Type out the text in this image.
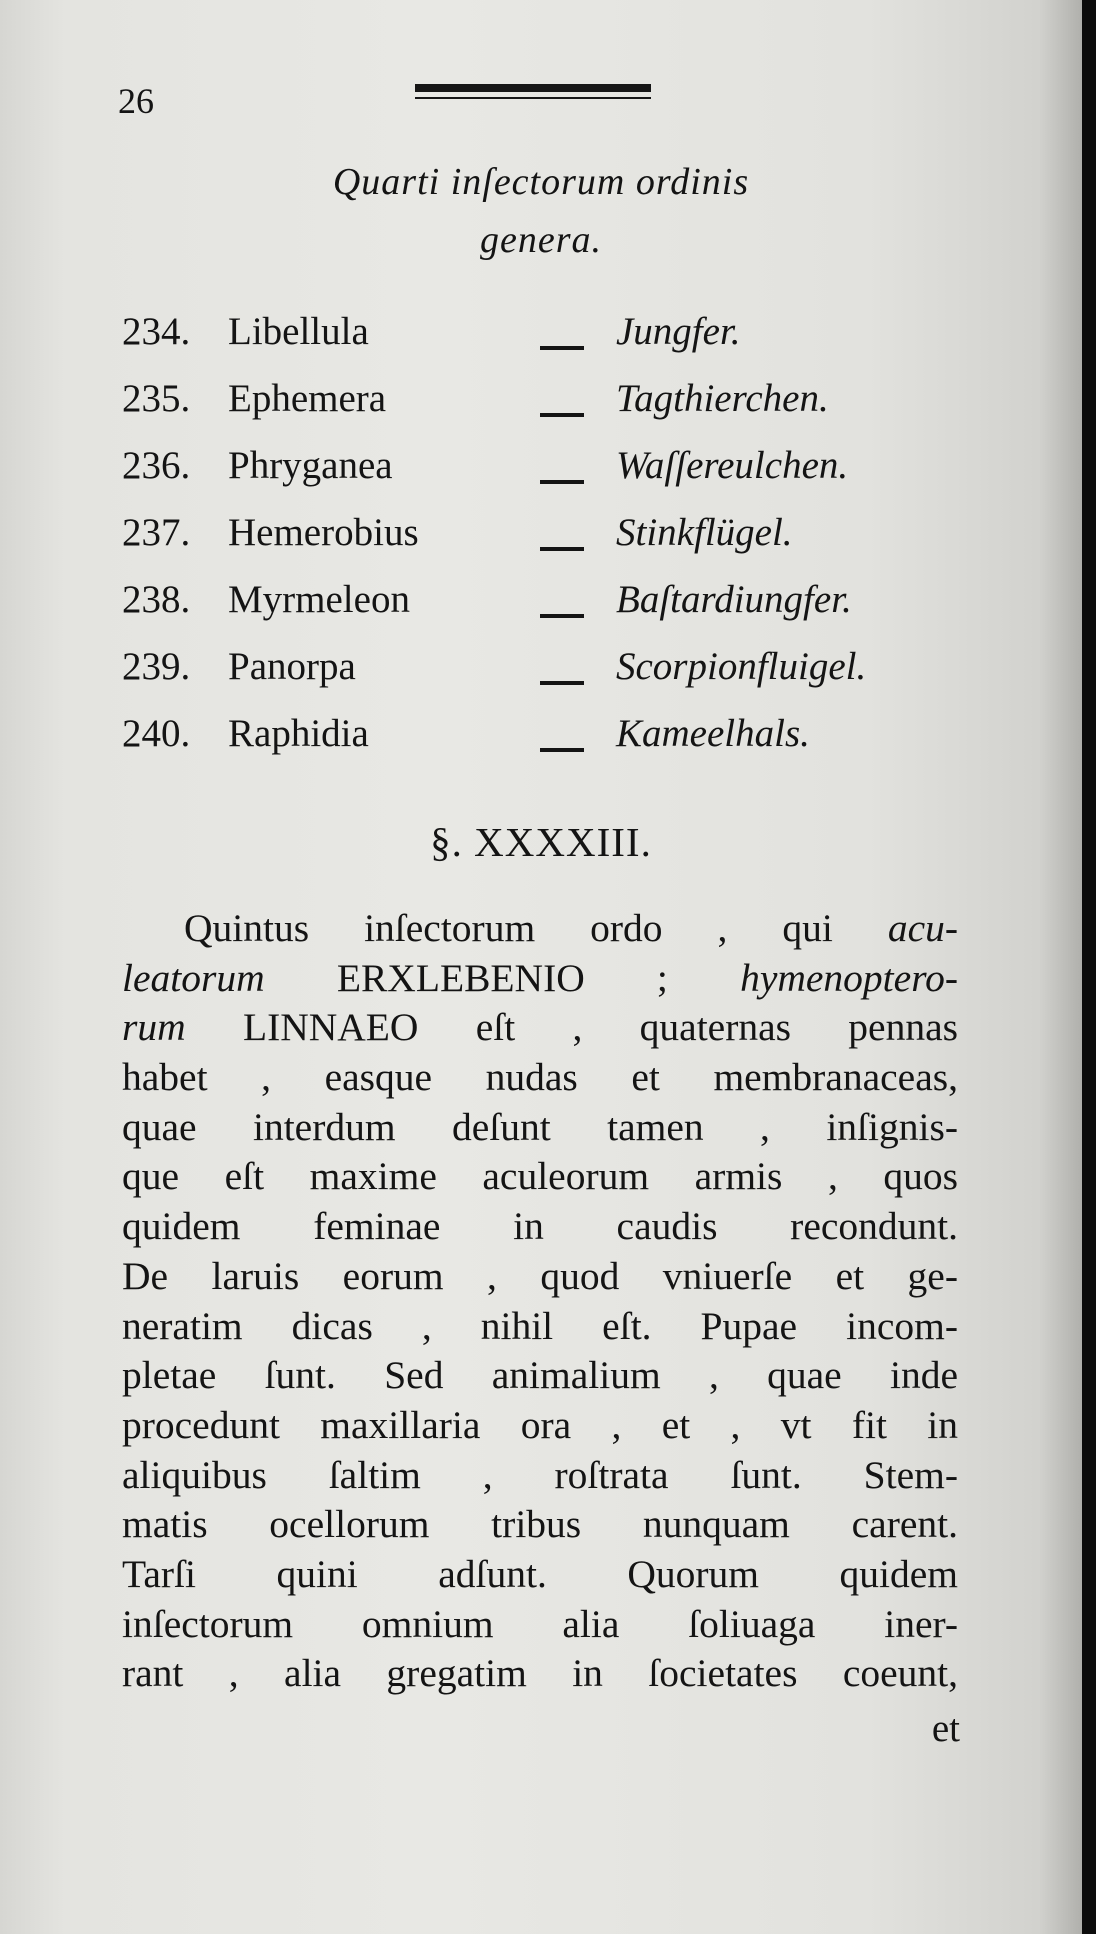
26
Quarti inſectorum ordinis
genera.
234. Libellula	Jungfer.
235. Ephemera	Tagthierchen.
236. Phryganea	Waſſereulchen.
237. Hemerobius	Stinkflügel.
238. Myrmeleon	Baſtardiungfer.
239. Panorpa	Scorpionfluigel.
240. Raphidia	Kameelhals.
§. XXXXIII.
Quintus inſectorum ordo , qui acu-
leatorum ERXLEBENIO ; hymenoptero-
rum LINNAEO eſt , quaternas pennas
habet , easque nudas et membranaceas,
quae interdum deſunt tamen , inſignis-
que eſt maxime aculeorum armis , quos
quidem feminae in caudis recondunt.
De laruis eorum , quod vniuerſe et ge-
neratim dicas , nihil eſt. Pupae incom-
pletae ſunt. Sed animalium , quae inde
procedunt maxillaria ora , et , vt fit in
aliquibus ſaltim , roſtrata ſunt. Stem-
matis ocellorum tribus nunquam carent.
Tarſi quini adſunt. Quorum quidem
inſectorum omnium alia ſoliuaga iner-
rant , alia gregatim in ſocietates coeunt,
et
